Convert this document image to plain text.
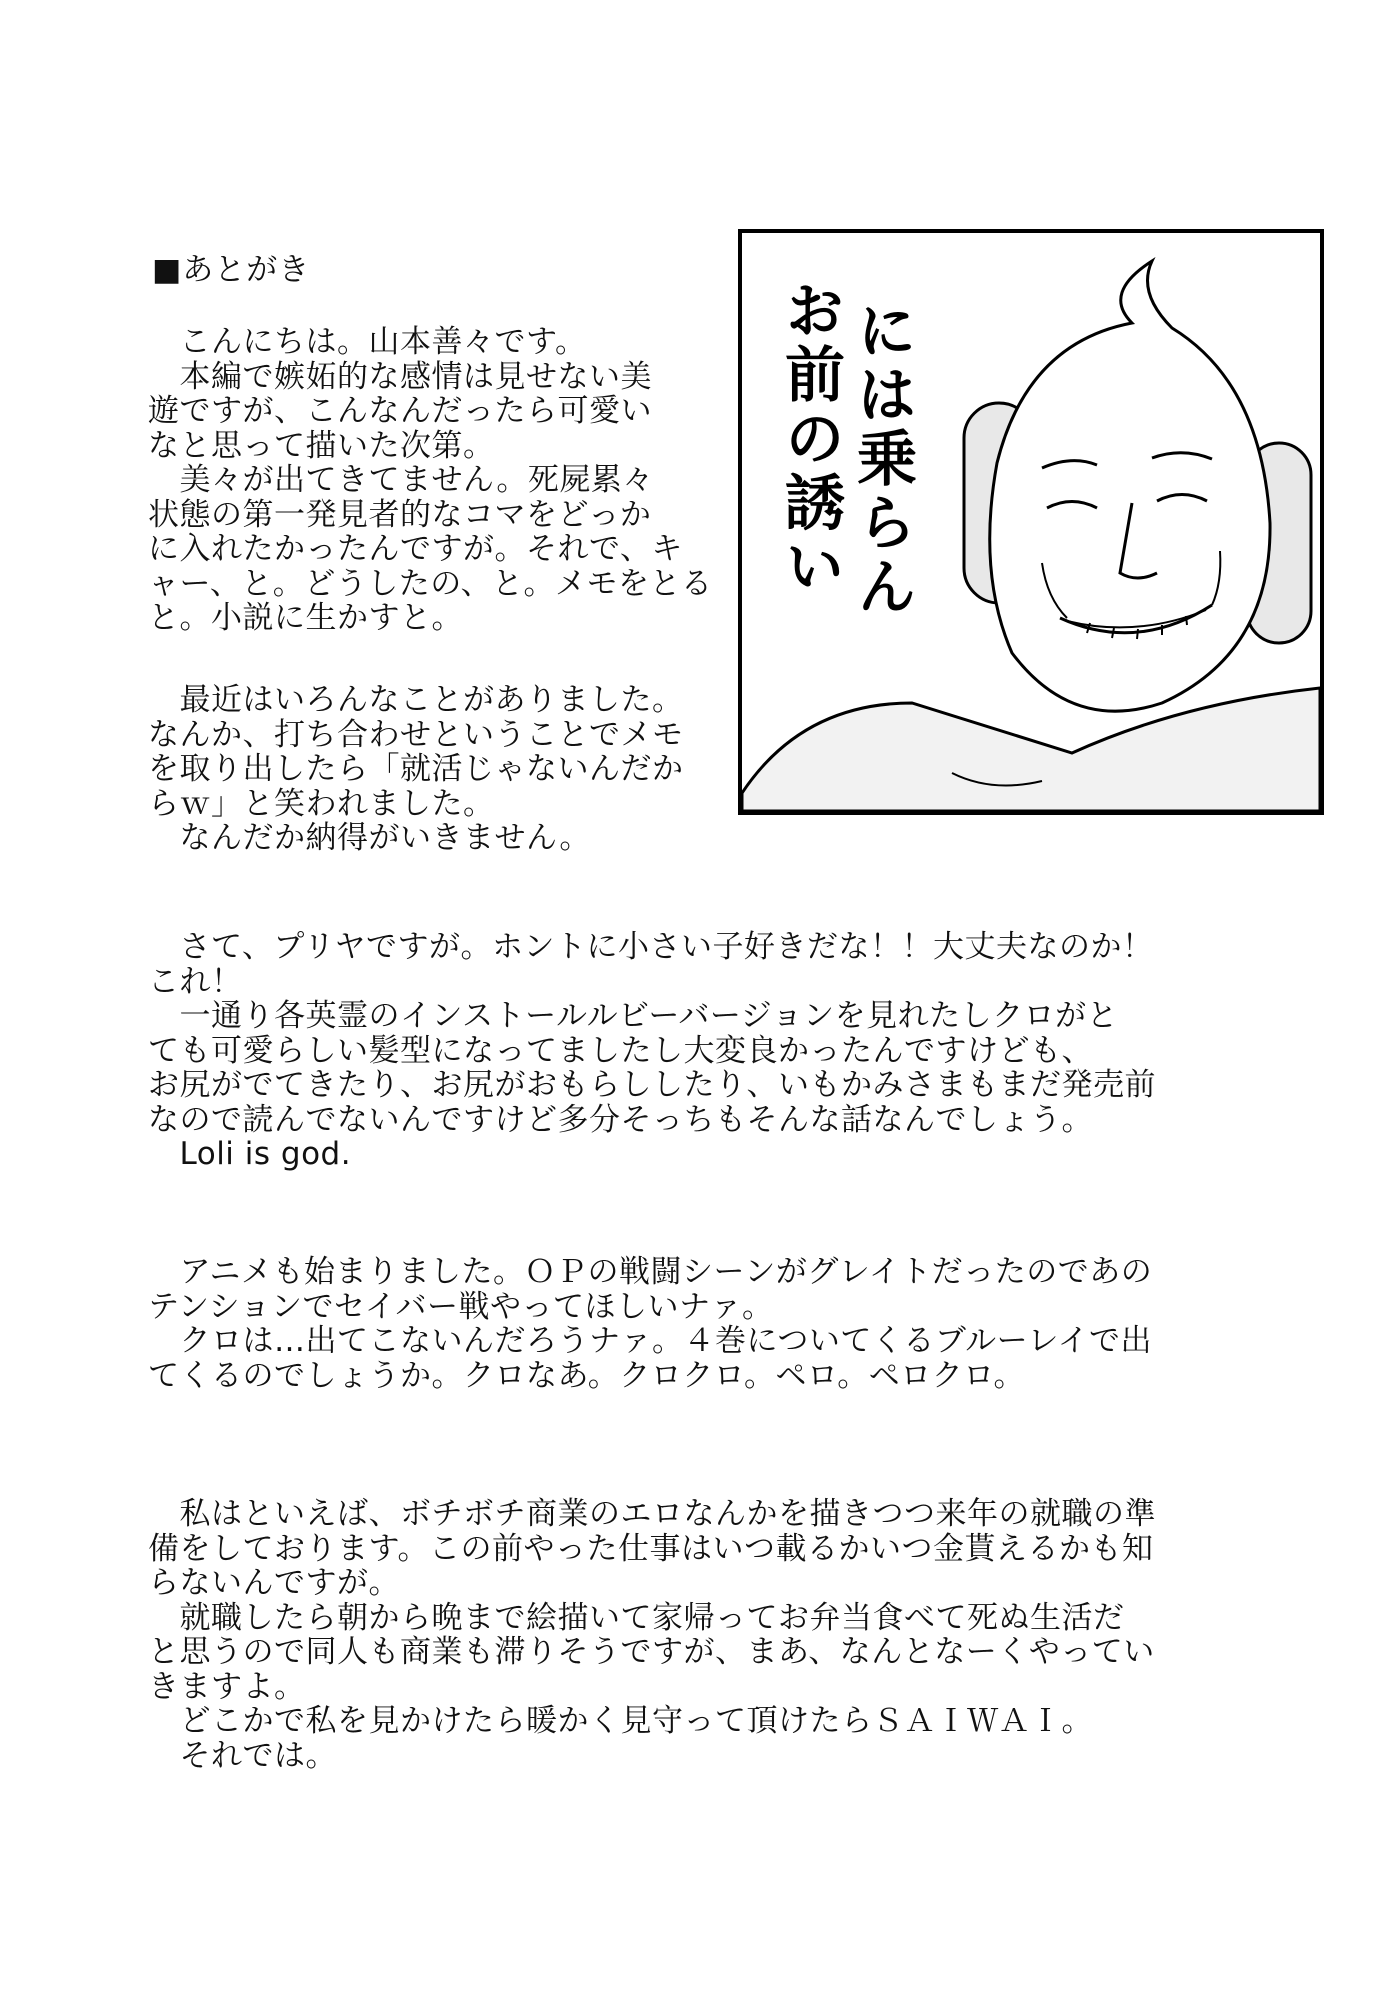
■あとがき

　こんにちは。山本善々です。
　本編で嫉妬的な感情は見せない美
遊ですが、こんなんだったら可愛い
なと思って描いた次第。
　美々が出てきてません。死屍累々
状態の第一発見者的なコマをどっか
に入れたかったんですが。それで、キ
ャー、と。どうしたの、と。メモをとる
と。小説に生かすと。

　最近はいろんなことがありました。
なんか、打ち合わせということでメモ
を取り出したら「就活じゃないんだか
らｗ」と笑われました。
　なんだか納得がいきません。

　さて、プリヤですが。ホントに小さい子好きだな！！大丈夫なのか！
これ！
　一通り各英霊のインストールルビーバージョンを見れたしクロがと
ても可愛らしい髪型になってましたし大変良かったんですけども、
お尻がでてきたり、お尻がおもらししたり、いもかみさまもまだ発売前
なので読んでないんですけど多分そっちもそんな話なんでしょう。
　Loli is god.

　アニメも始まりました。ＯＰの戦闘シーンがグレイトだったのであの
テンションでセイバー戦やってほしいナァ。
　クロは…出てこないんだろうナァ。４巻についてくるブルーレイで出
てくるのでしょうか。クロなあ。クロクロ。ペロ。ペロクロ。

　私はといえば、ボチボチ商業のエロなんかを描きつつ来年の就職の準
備をしております。この前やった仕事はいつ載るかいつ金貰えるかも知
らないんですが。
　就職したら朝から晩まで絵描いて家帰ってお弁当食べて死ぬ生活だ
と思うので同人も商業も滞りそうですが、まあ、なんとなーくやってい
きますよ。
　どこかで私を見かけたら暖かく見守って頂けたらＳＡＩＷＡＩ。
　それでは。

お前の誘い には乗らん
